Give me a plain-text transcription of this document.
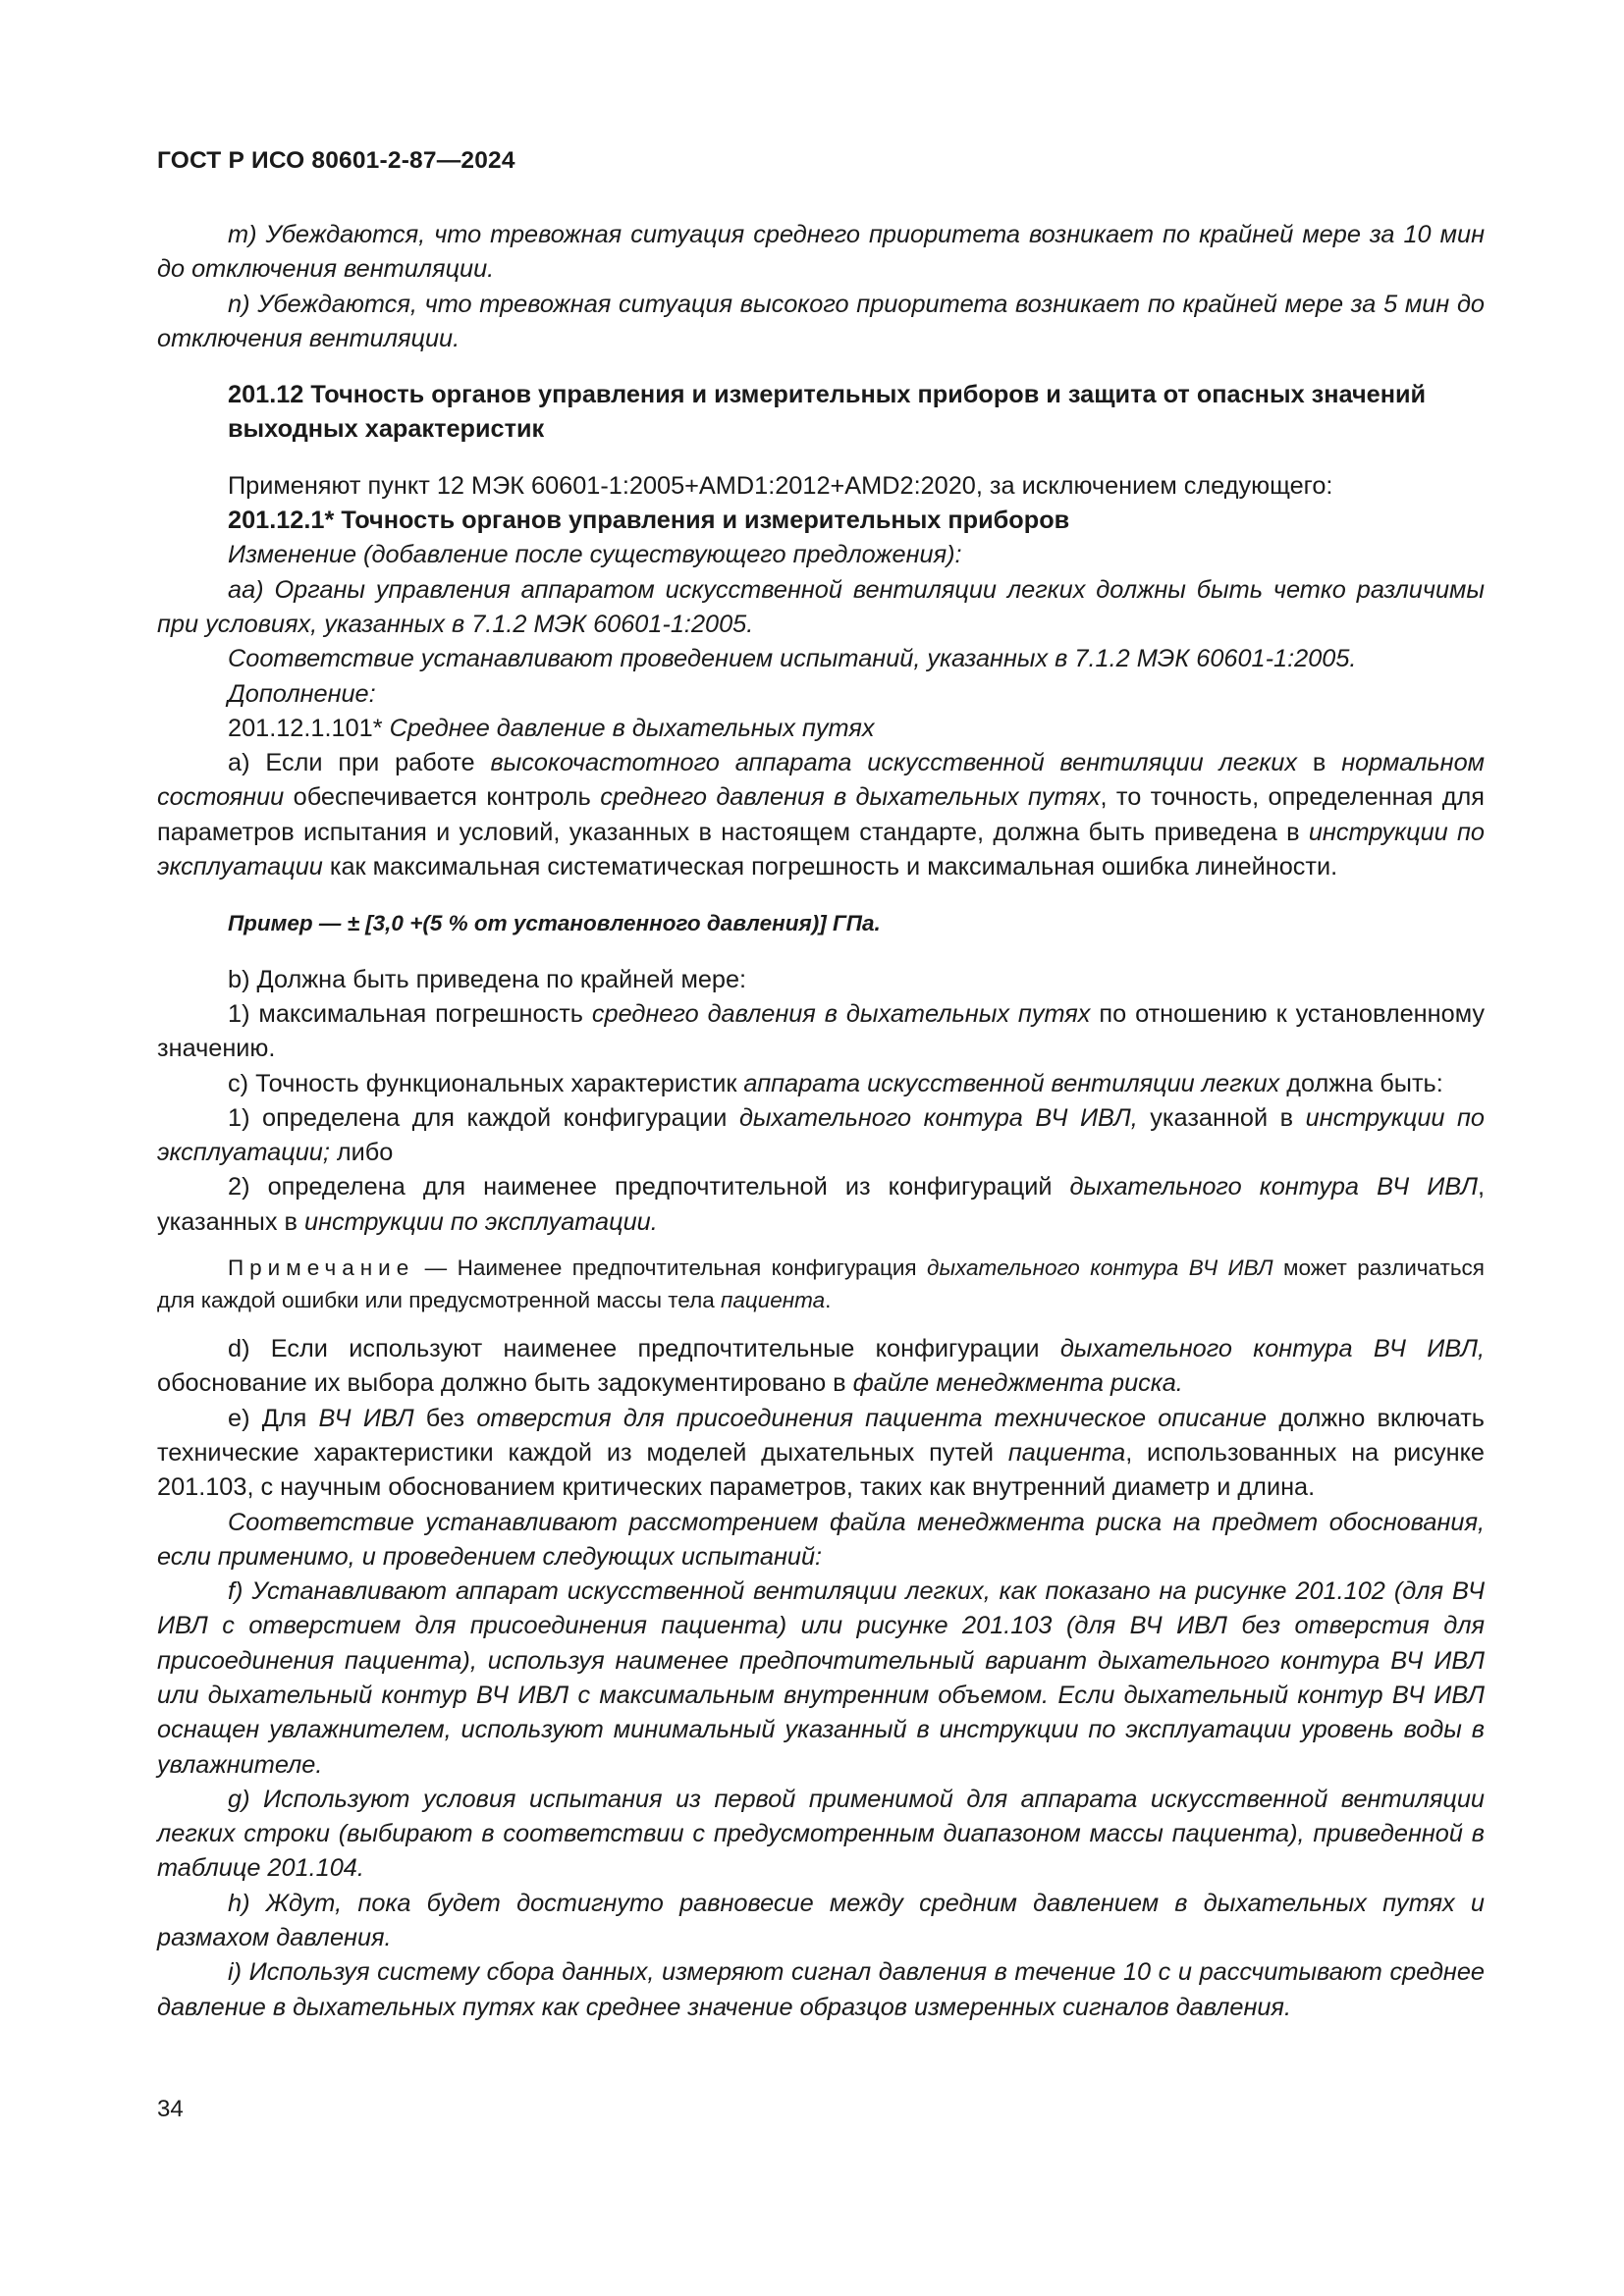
ГОСТ Р ИСО 80601-2-87—2024

m) Убеждаются, что тревожная ситуация среднего приоритета возникает по крайней мере за 10 мин до отключения вентиляции.

n) Убеждаются, что тревожная ситуация высокого приоритета возникает по крайней мере за 5 мин до отключения вентиляции.

201.12 Точность органов управления и измерительных приборов и защита от опасных значений выходных характеристик

Применяют пункт 12 МЭК 60601-1:2005+AMD1:2012+AMD2:2020, за исключением следующего:

201.12.1* Точность органов управления и измерительных приборов

Изменение (добавление после существующего предложения):

аа) Органы управления аппаратом искусственной вентиляции легких должны быть четко различимы при условиях, указанных в 7.1.2 МЭК 60601-1:2005.

Соответствие устанавливают проведением испытаний, указанных в 7.1.2 МЭК 60601-1:2005.

Дополнение:

201.12.1.101* Среднее давление в дыхательных путях

a) Если при работе высокочастотного аппарата искусственной вентиляции легких в нормальном состоянии обеспечивается контроль среднего давления в дыхательных путях, то точность, определенная для параметров испытания и условий, указанных в настоящем стандарте, должна быть приведена в инструкции по эксплуатации как максимальная систематическая погрешность и максимальная ошибка линейности.

Пример — ± [3,0 +(5 % от установленного давления)] ГПа.

b) Должна быть приведена по крайней мере:

1) максимальная погрешность среднего давления в дыхательных путях по отношению к установленному значению.

c) Точность функциональных характеристик аппарата искусственной вентиляции легких должна быть:

1) определена для каждой конфигурации дыхательного контура ВЧ ИВЛ, указанной в инструкции по эксплуатации; либо

2) определена для наименее предпочтительной из конфигураций дыхательного контура ВЧ ИВЛ, указанных в инструкции по эксплуатации.

Примечание — Наименее предпочтительная конфигурация дыхательного контура ВЧ ИВЛ может различаться для каждой ошибки или предусмотренной массы тела пациента.

d) Если используют наименее предпочтительные конфигурации дыхательного контура ВЧ ИВЛ, обоснование их выбора должно быть задокументировано в файле менеджмента риска.

e) Для ВЧ ИВЛ без отверстия для присоединения пациента техническое описание должно включать технические характеристики каждой из моделей дыхательных путей пациента, использованных на рисунке 201.103, с научным обоснованием критических параметров, таких как внутренний диаметр и длина.

Соответствие устанавливают рассмотрением файла менеджмента риска на предмет обоснования, если применимо, и проведением следующих испытаний:

f) Устанавливают аппарат искусственной вентиляции легких, как показано на рисунке 201.102 (для ВЧ ИВЛ с отверстием для присоединения пациента) или рисунке 201.103 (для ВЧ ИВЛ без отверстия для присоединения пациента), используя наименее предпочтительный вариант дыхательного контура ВЧ ИВЛ или дыхательный контур ВЧ ИВЛ с максимальным внутренним объемом. Если дыхательный контур ВЧ ИВЛ оснащен увлажнителем, используют минимальный указанный в инструкции по эксплуатации уровень воды в увлажнителе.

g) Используют условия испытания из первой применимой для аппарата искусственной вентиляции легких строки (выбирают в соответствии с предусмотренным диапазоном массы пациента), приведенной в таблице 201.104.

h) Ждут, пока будет достигнуто равновесие между средним давлением в дыхательных путях и размахом давления.

i) Используя систему сбора данных, измеряют сигнал давления в течение 10 с и рассчитывают среднее давление в дыхательных путях как среднее значение образцов измеренных сигналов давления.

34
